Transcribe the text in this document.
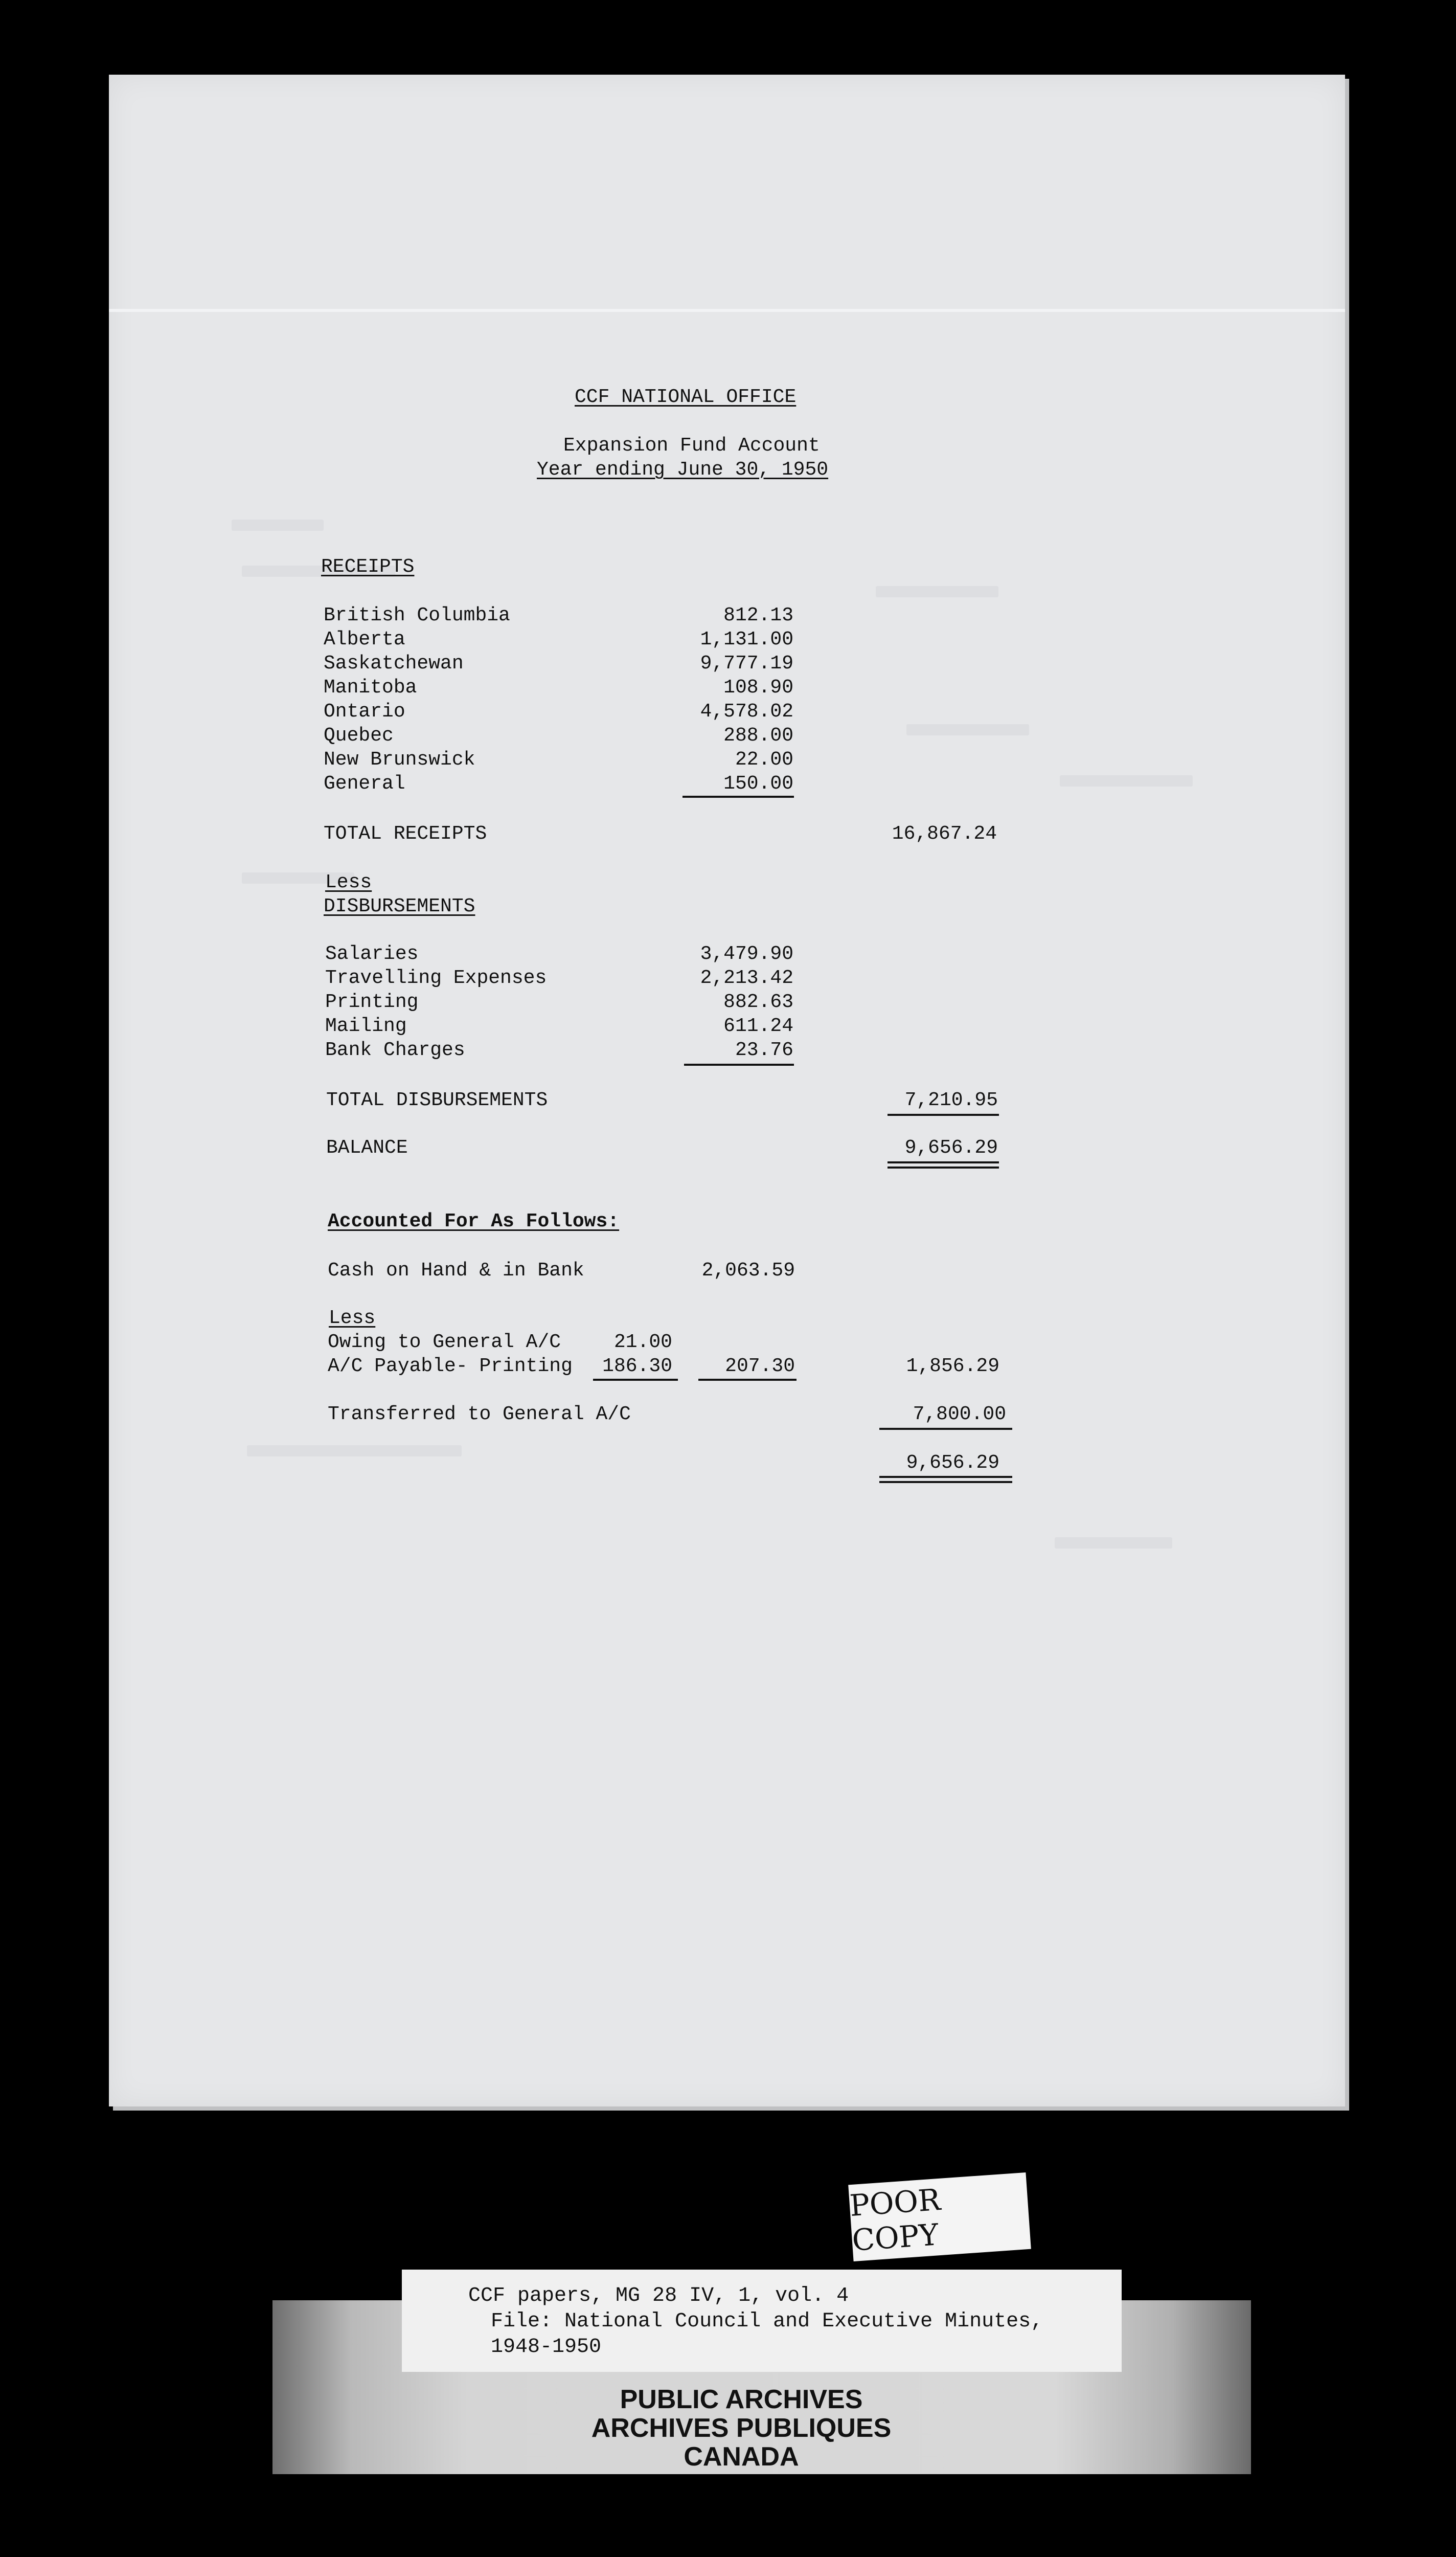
CCF NATIONAL OFFICE
Expansion Fund Account
Year ending June 30, 1950
RECEIPTS
British Columbia	812.13
Alberta	1,131.00
Saskatchewan	9,777.19
Manitoba	108.90
Ontario	4,578.02
Quebec	288.00
New Brunswick	22.00
General	150.00
TOTAL RECEIPTS	16,867.24
Less
DISBURSEMENTS
Salaries	3,479.90
Travelling Expenses	2,213.42
Printing	882.63
Mailing	611.24
Bank Charges	23.76
TOTAL DISBURSEMENTS	7,210.95
BALANCE	9,656.29
Accounted For As Follows:
Cash on Hand & in Bank	2,063.59
Less
Owing to General A/C	21.00
A/C Payable- Printing 186.30	207.30	1,856.29
Transferred to General A/C	7,800.00
9,656.29
POOR COPY
CCF papers, MG 28 IV, 1, vol. 4
File: National Council and Executive Minutes,
1948-1950
PUBLIC ARCHIVES
ARCHIVES PUBLIQUES
CANADA
